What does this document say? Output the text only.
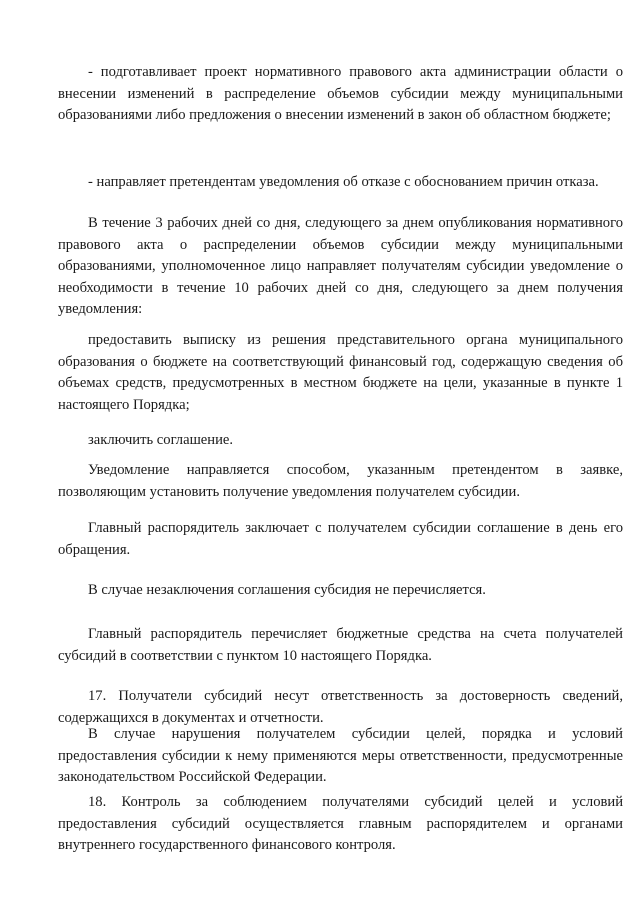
- подготавливает проект нормативного правового акта администрации области о внесении изменений в распределение объемов субсидии между муниципальными образованиями либо предложения о внесении изменений в закон об областном бюджете;

- направляет претендентам уведомления об отказе с обоснованием причин отказа.

В течение 3 рабочих дней со дня, следующего за днем опубликования нормативного правового акта о распределении объемов субсидии между муниципальными образованиями, уполномоченное лицо направляет получателям субсидии уведомление о необходимости в течение 10 рабочих дней со дня, следующего за днем получения уведомления:

предоставить выписку из решения представительного органа муниципального образования о бюджете на соответствующий финансовый год, содержащую сведения об объемах средств, предусмотренных в местном бюджете на цели, указанные в пункте 1 настоящего Порядка;

заключить соглашение.

Уведомление направляется способом, указанным претендентом в заявке, позволяющим установить получение уведомления получателем субсидии.

Главный распорядитель заключает с получателем субсидии соглашение в день его обращения.

В случае незаключения соглашения субсидия не перечисляется.

Главный распорядитель перечисляет бюджетные средства на счета получателей субсидий в соответствии с пунктом 10 настоящего Порядка.

17. Получатели субсидий несут ответственность за достоверность сведений, содержащихся в документах и отчетности.

В случае нарушения получателем субсидии целей, порядка и условий предоставления субсидии к нему применяются меры ответственности, предусмотренные законодательством Российской Федерации.

18. Контроль за соблюдением получателями субсидий целей и условий предоставления субсидий осуществляется главным распорядителем и органами внутреннего государственного финансового контроля.
